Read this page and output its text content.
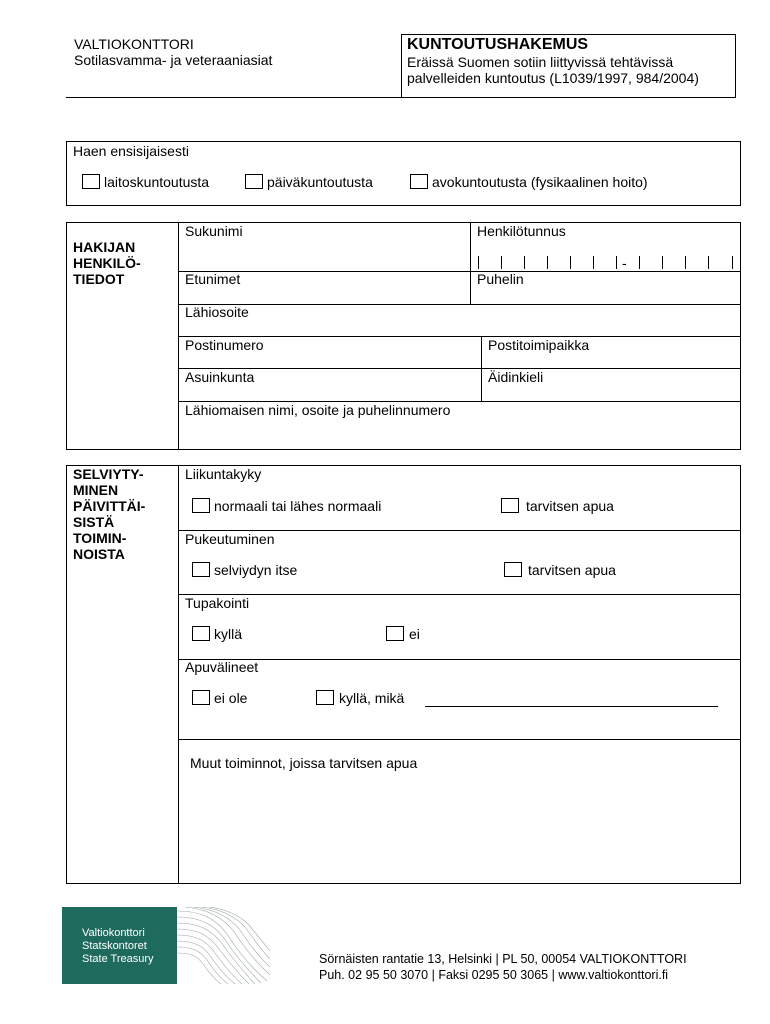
VALTIOKONTTORI
Sotilasvamma- ja veteraaniasiat
KUNTOUTUSHAKEMUS
Eräissä Suomen sotiin liittyvissä tehtävissä
palvelleiden kuntoutus (L1039/1997, 984/2004)
Haen ensisijaisesti
laitoskuntoutusta	päiväkuntoutusta	avokuntoutusta (fysikaalinen hoito)
HAKIJAN
HENKILÖ-
TIEDOT
Sukunimi	Henkilötunnus
-
Etunimet	Puhelin
Lähiosoite
Postinumero	Postitoimipaikka
Asuinkunta	Äidinkieli
Lähiomaisen nimi, osoite ja puhelinnumero
SELVIYTY-
MINEN
PÄIVITTÄI-
SISTÄ
TOIMIN-
NOISTA
Liikuntakyky
normaali tai lähes normaali	tarvitsen apua
Pukeutuminen
selviydyn itse	tarvitsen apua
Tupakointi
kyllä	ei
Apuvälineet
ei ole	kyllä, mikä
Muut toiminnot, joissa tarvitsen apua
Valtiokonttori
Statskontoret
State Treasury	Sörnäisten rantatie 13, Helsinki | PL 50, 00054 VALTIOKONTTORI
Puh. 02 95 50 3070 | Faksi 0295 50 3065 | www.valtiokonttori.fi
